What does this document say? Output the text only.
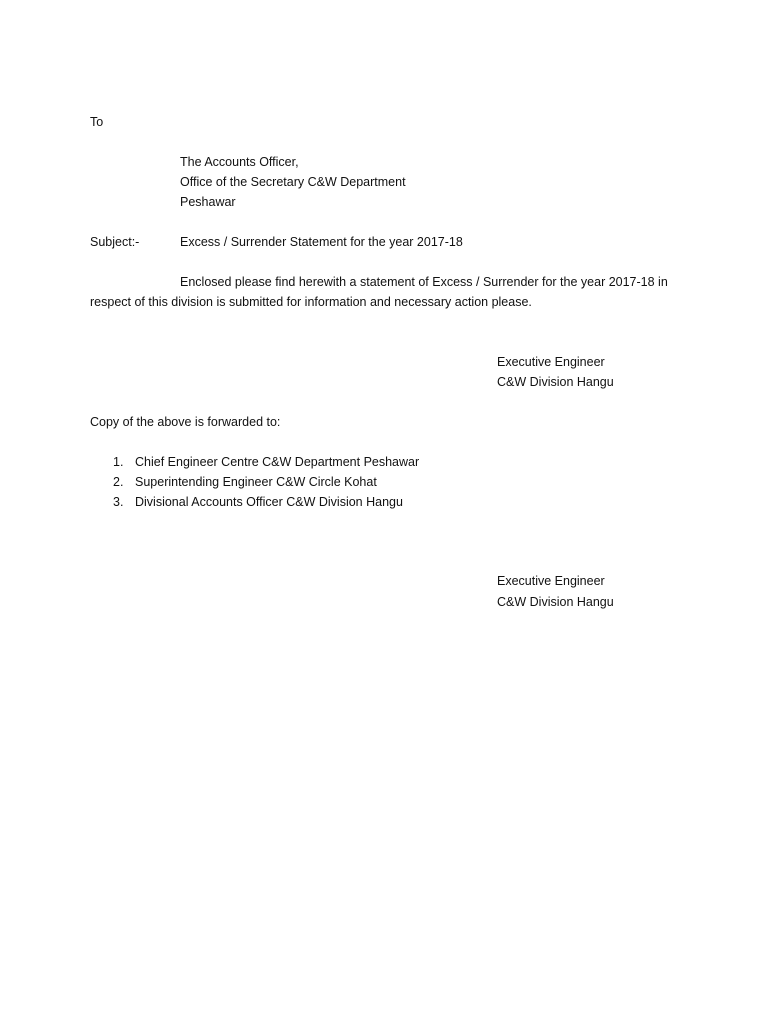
To
The Accounts Officer,
Office of the Secretary C&W Department
Peshawar
Subject:-	Excess / Surrender Statement for the year 2017-18
Enclosed please find herewith a statement of Excess / Surrender for the year 2017-18 in
respect of this division is submitted for information and necessary action please.
Executive Engineer
C&W Division Hangu
Copy of the above is forwarded to:
1. Chief Engineer Centre C&W Department Peshawar
2. Superintending Engineer C&W Circle Kohat
3. Divisional Accounts Officer C&W Division Hangu
Executive Engineer
C&W Division Hangu
